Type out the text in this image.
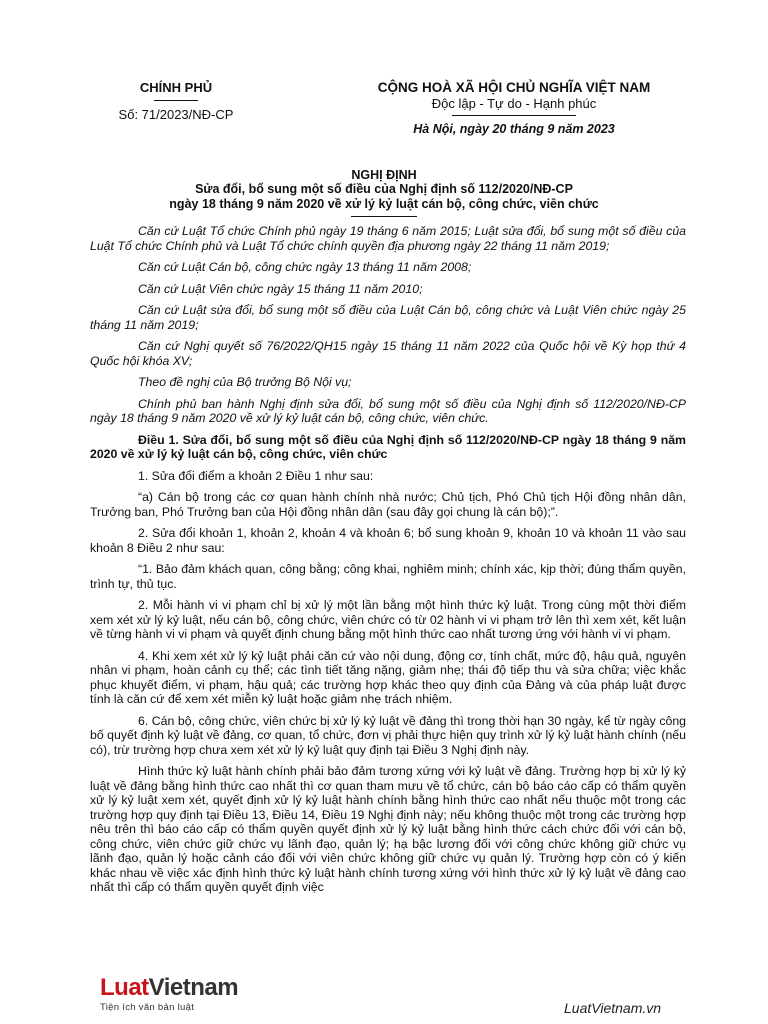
CHÍNH PHỦ
Số: 71/2023/NĐ-CP
CỘNG HOÀ XÃ HỘI CHỦ NGHĨA VIỆT NAM
Độc lập - Tự do - Hạnh phúc
Hà Nội, ngày 20 tháng 9 năm 2023
NGHỊ ĐỊNH
Sửa đổi, bổ sung một số điều của Nghị định số 112/2020/NĐ-CP
ngày 18 tháng 9 năm 2020 về xử lý kỷ luật cán bộ, công chức, viên chức

Căn cứ Luật Tổ chức Chính phủ ngày 19 tháng 6 năm 2015; Luật sửa đổi, bổ sung một số điều của Luật Tổ chức Chính phủ và Luật Tổ chức chính quyền địa phương ngày 22 tháng 11 năm 2019;

Căn cứ Luật Cán bộ, công chức ngày 13 tháng 11 năm 2008;

Căn cứ Luật Viên chức ngày 15 tháng 11 năm 2010;

Căn cứ Luật sửa đổi, bổ sung một số điều của Luật Cán bộ, công chức và Luật Viên chức ngày 25 tháng 11 năm 2019;

Căn cứ Nghị quyết số 76/2022/QH15 ngày 15 tháng 11 năm 2022 của Quốc hội về Kỳ họp thứ 4 Quốc hội khóa XV;

Theo đề nghị của Bộ trưởng Bộ Nội vụ;

Chính phủ ban hành Nghị định sửa đổi, bổ sung một số điều của Nghị định số 112/2020/NĐ-CP ngày 18 tháng 9 năm 2020 về xử lý kỷ luật cán bộ, công chức, viên chức.

Điều 1. Sửa đổi, bổ sung một số điều của Nghị định số 112/2020/NĐ-CP ngày 18 tháng 9 năm 2020 về xử lý kỷ luật cán bộ, công chức, viên chức

1. Sửa đổi điểm a khoản 2 Điều 1 như sau:

“a) Cán bộ trong các cơ quan hành chính nhà nước; Chủ tịch, Phó Chủ tịch Hội đồng nhân dân, Trưởng ban, Phó Trưởng ban của Hội đồng nhân dân (sau đây gọi chung là cán bộ);”.

2. Sửa đổi khoản 1, khoản 2, khoản 4 và khoản 6; bổ sung khoản 9, khoản 10 và khoản 11 vào sau khoản 8 Điều 2 như sau:

“1. Bảo đảm khách quan, công bằng; công khai, nghiêm minh; chính xác, kịp thời; đúng thẩm quyền, trình tự, thủ tục.

2. Mỗi hành vi vi phạm chỉ bị xử lý một lần bằng một hình thức kỷ luật. Trong cùng một thời điểm xem xét xử lý kỷ luật, nếu cán bộ, công chức, viên chức có từ 02 hành vi vi phạm trở lên thì xem xét, kết luận về từng hành vi vi phạm và quyết định chung bằng một hình thức cao nhất tương ứng với hành vi vi phạm.

4. Khi xem xét xử lý kỷ luật phải căn cứ vào nội dung, động cơ, tính chất, mức độ, hậu quả, nguyên nhân vi phạm, hoàn cảnh cụ thể; các tình tiết tăng nặng, giảm nhẹ; thái độ tiếp thu và sửa chữa; việc khắc phục khuyết điểm, vi phạm, hậu quả; các trường hợp khác theo quy định của Đảng và của pháp luật được tính là căn cứ để xem xét miễn kỷ luật hoặc giảm nhẹ trách nhiệm.

6. Cán bộ, công chức, viên chức bị xử lý kỷ luật về đảng thì trong thời hạn 30 ngày, kể từ ngày công bố quyết định kỷ luật về đảng, cơ quan, tổ chức, đơn vị phải thực hiện quy trình xử lý kỷ luật hành chính (nếu có), trừ trường hợp chưa xem xét xử lý kỷ luật quy định tại Điều 3 Nghị định này.

Hình thức kỷ luật hành chính phải bảo đảm tương xứng với kỷ luật về đảng. Trường hợp bị xử lý kỷ luật về đảng bằng hình thức cao nhất thì cơ quan tham mưu về tổ chức, cán bộ báo cáo cấp có thẩm quyền xử lý kỷ luật xem xét, quyết định xử lý kỷ luật hành chính bằng hình thức cao nhất nếu thuộc một trong các trường hợp quy định tại Điều 13, Điều 14, Điều 19 Nghị định này; nếu không thuộc một trong các trường hợp nêu trên thì báo cáo cấp có thẩm quyền quyết định xử lý kỷ luật bằng hình thức cách chức đối với cán bộ, công chức, viên chức giữ chức vụ lãnh đạo, quản lý; hạ bậc lương đối với công chức không giữ chức vụ lãnh đạo, quản lý hoặc cảnh cáo đối với viên chức không giữ chức vụ quản lý. Trường hợp còn có ý kiến khác nhau về việc xác định hình thức kỷ luật hành chính tương xứng với hình thức xử lý kỷ luật về đảng cao nhất thì cấp có thẩm quyền quyết định việc

LuatVietnam
Tiện ích văn bản luật	LuatVietnam.vn
